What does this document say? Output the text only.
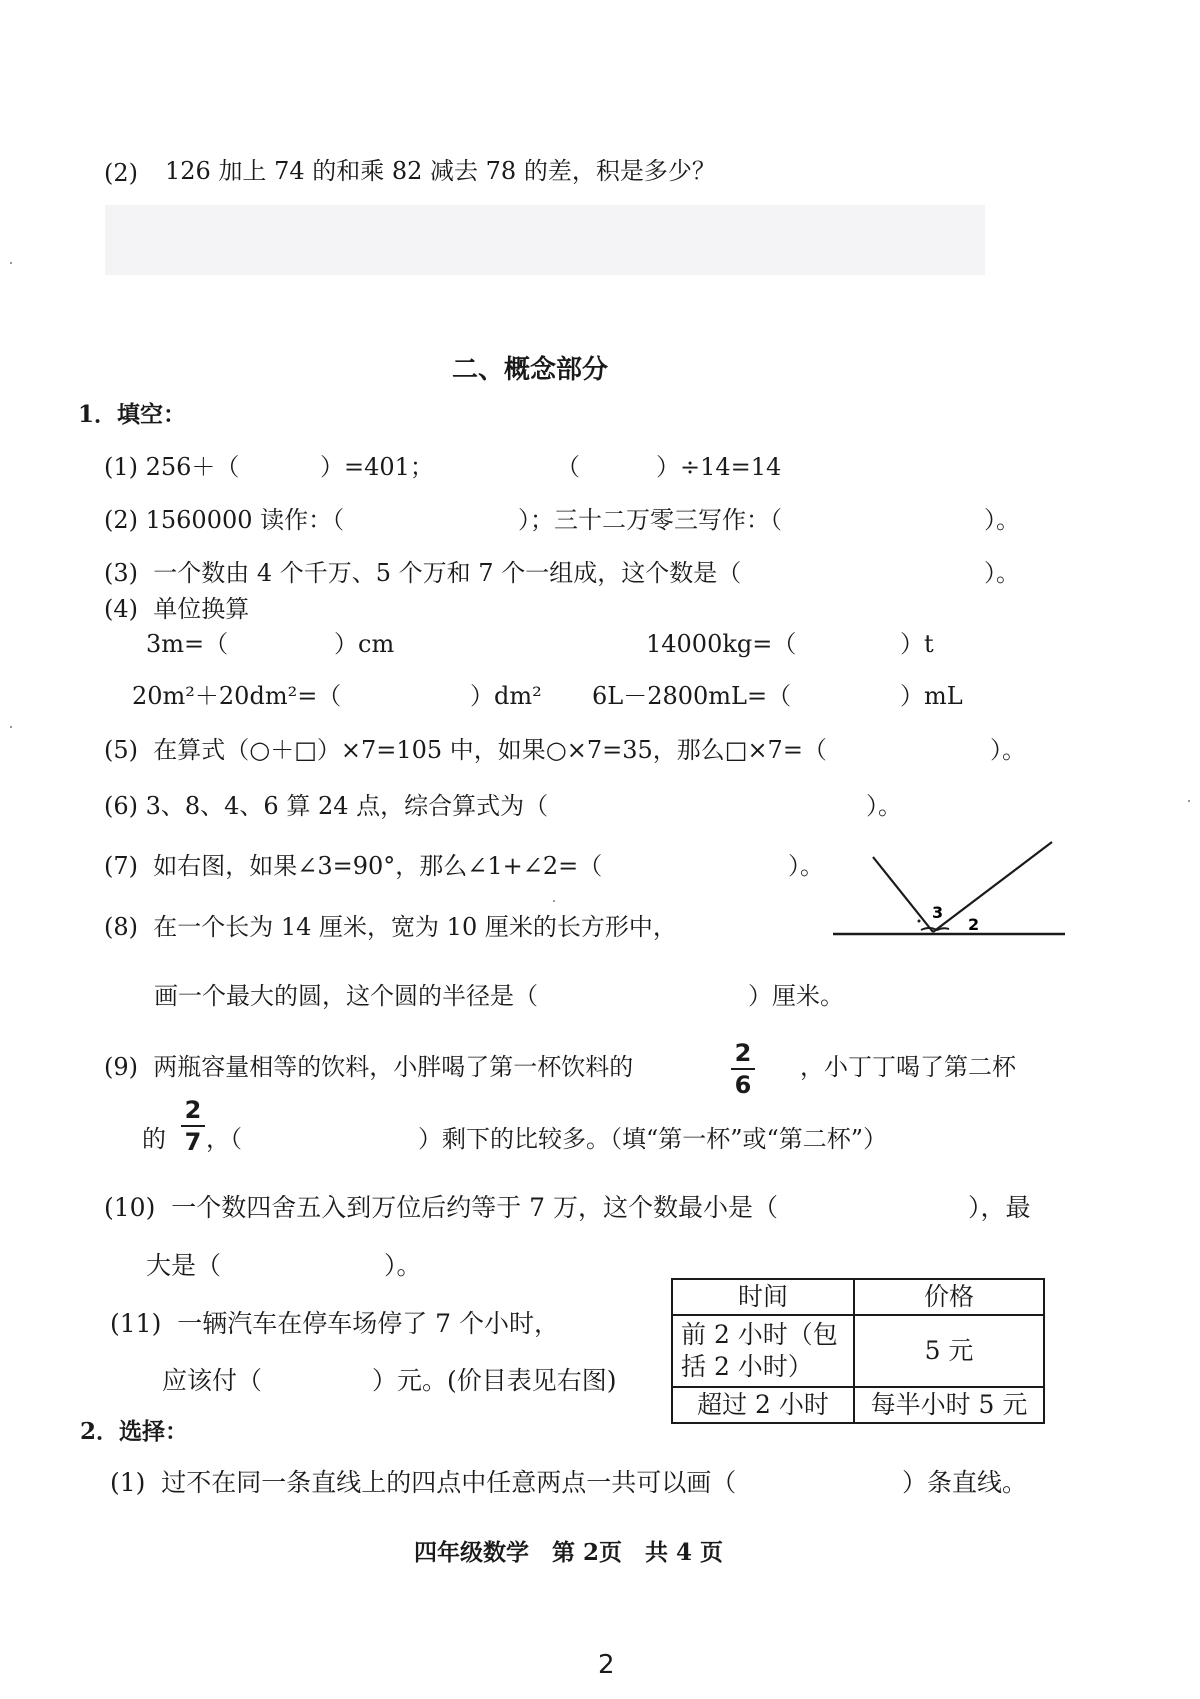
(2) 126 加上 74 的和乘 82 减去 78 的差，积是多少？
二、概念部分
1．填空：
(1) 256＋（	）=401；	（	）÷14=14
(2) 1560000 读作：（	）；三十二万零三写作：（	）。
(3)  一个数由 4 个千万、5 个万和 7 个一组成，这个数是（	）。
(4)  单位换算
3m=（	）cm	14000kg=（	）t
20m²＋20dm²=（	）dm² 6L－2800mL=（	）mL
(5)  在算式（○＋□）×7=105 中，如果○×7=35，那么□×7=（	）。
(6) 3、8、4、6 算 24 点，综合算式为（	）。
(7)  如右图，如果∠3=90°，那么∠1+∠2=（	）。
3
2
(8)  在一个长为 14 厘米，宽为 10 厘米的长方形中，
画一个最大的圆，这个圆的半径是（	）厘米。
(9)  两瓶容量相等的饮料，小胖喝了第一杯饮料的	2
6
，小丁丁喝了第二杯
的
2
7 ，（	）剩下的比较多。（填“第一杯”或“第二杯”）
(10)  一个数四舍五入到万位后约等于 7 万，这个数最小是（	），最
大是（	）。
(11)  一辆汽车在停车场停了 7 个小时，
应该付（	）元。(价目表见右图)
时间	价格
前 2 小时（包括 2 小时）	5 元
超过 2 小时	每半小时 5 元
2．选择：
(1)  过不在同一条直线上的四点中任意两点一共可以画（	）条直线。
四年级数学　第 2页　共 4 页
2
